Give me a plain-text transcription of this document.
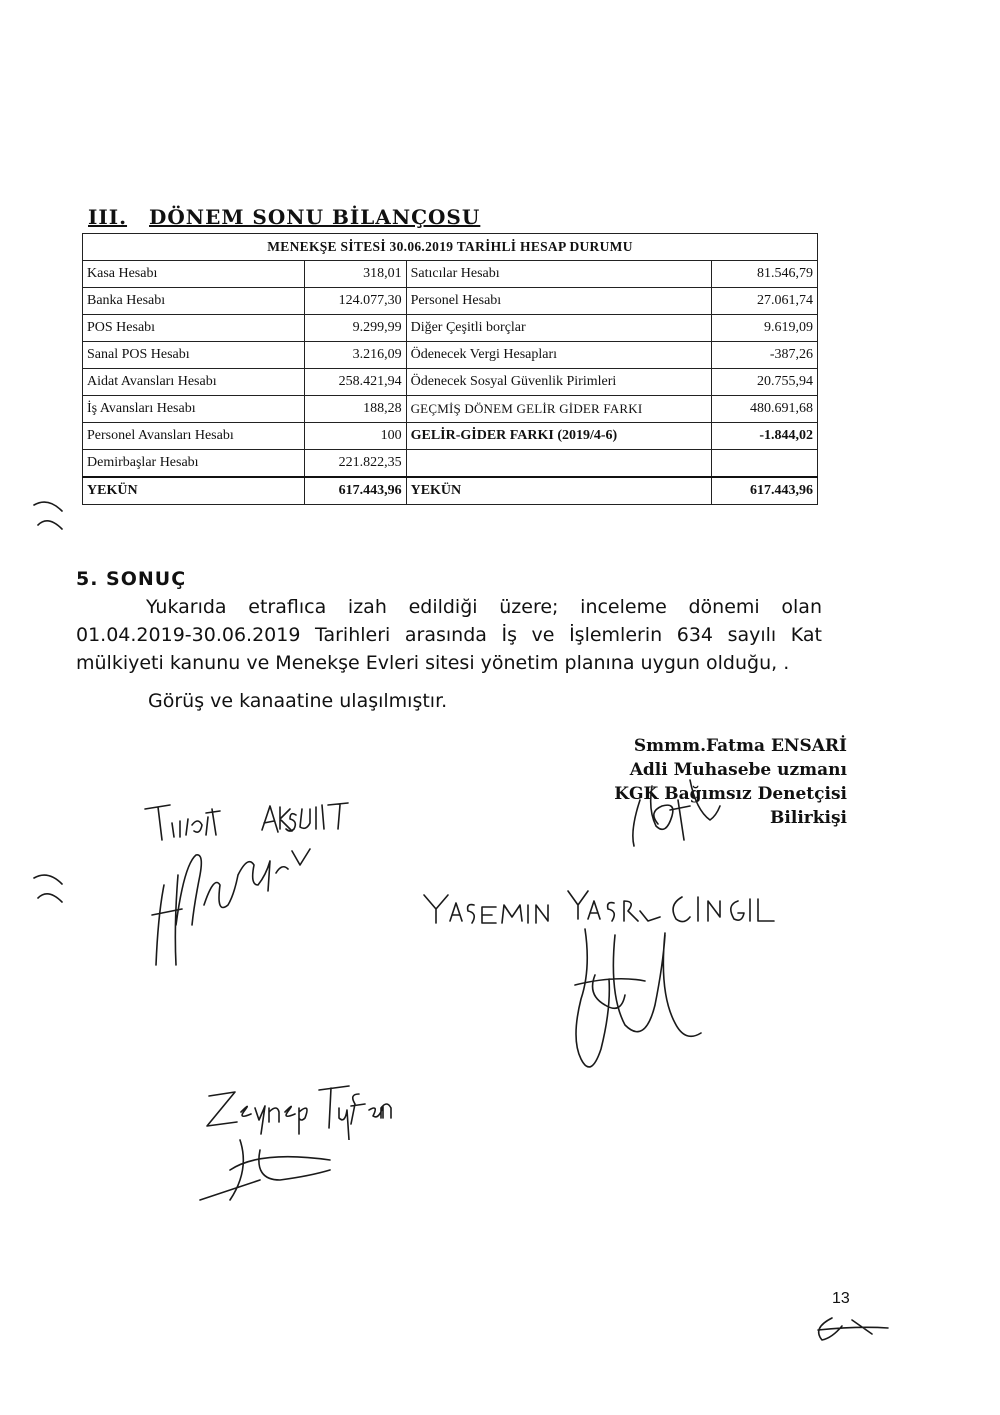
III. DÖNEM SONU BİLANÇOSU
MENEKŞE SİTESİ 30.06.2019 TARİHLİ HESAP DURUMU			
Kasa Hesabı	318,01	Satıcılar Hesabı	81.546,79
Banka Hesabı	124.077,30	Personel Hesabı	27.061,74
POS Hesabı	9.299,99	Diğer Çeşitli borçlar	9.619,09
Sanal POS Hesabı	3.216,09	Ödenecek Vergi Hesapları	-387,26
Aidat Avansları Hesabı	258.421,94	Ödenecek Sosyal Güvenlik Pirimleri	20.755,94
İş Avansları Hesabı	188,28	GEÇMİŞ DÖNEM GELİR GİDER FARKI	480.691,68
Personel Avansları Hesabı	100	GELİR-GİDER FARKI (2019/4-6)	-1.844,02
Demirbaşlar Hesabı	221.822,35		
YEKÜN	617.443,96	YEKÜN	617.443,96
5. SONUÇ
Yukarıda etraflıca izah edildiği üzere; inceleme dönemi olan 01.04.2019-30.06.2019 Tarihleri arasında İş ve İşlemlerin 634 sayılı Kat mülkiyeti kanunu ve Menekşe Evleri sitesi yönetim planına uygun olduğu, .
Görüş ve kanaatine ulaşılmıştır.
Smmm.Fatma ENSARİ
Adli Muhasebe uzmanı
KGK Bağımsız Denetçisi
Bilirkişi
13
